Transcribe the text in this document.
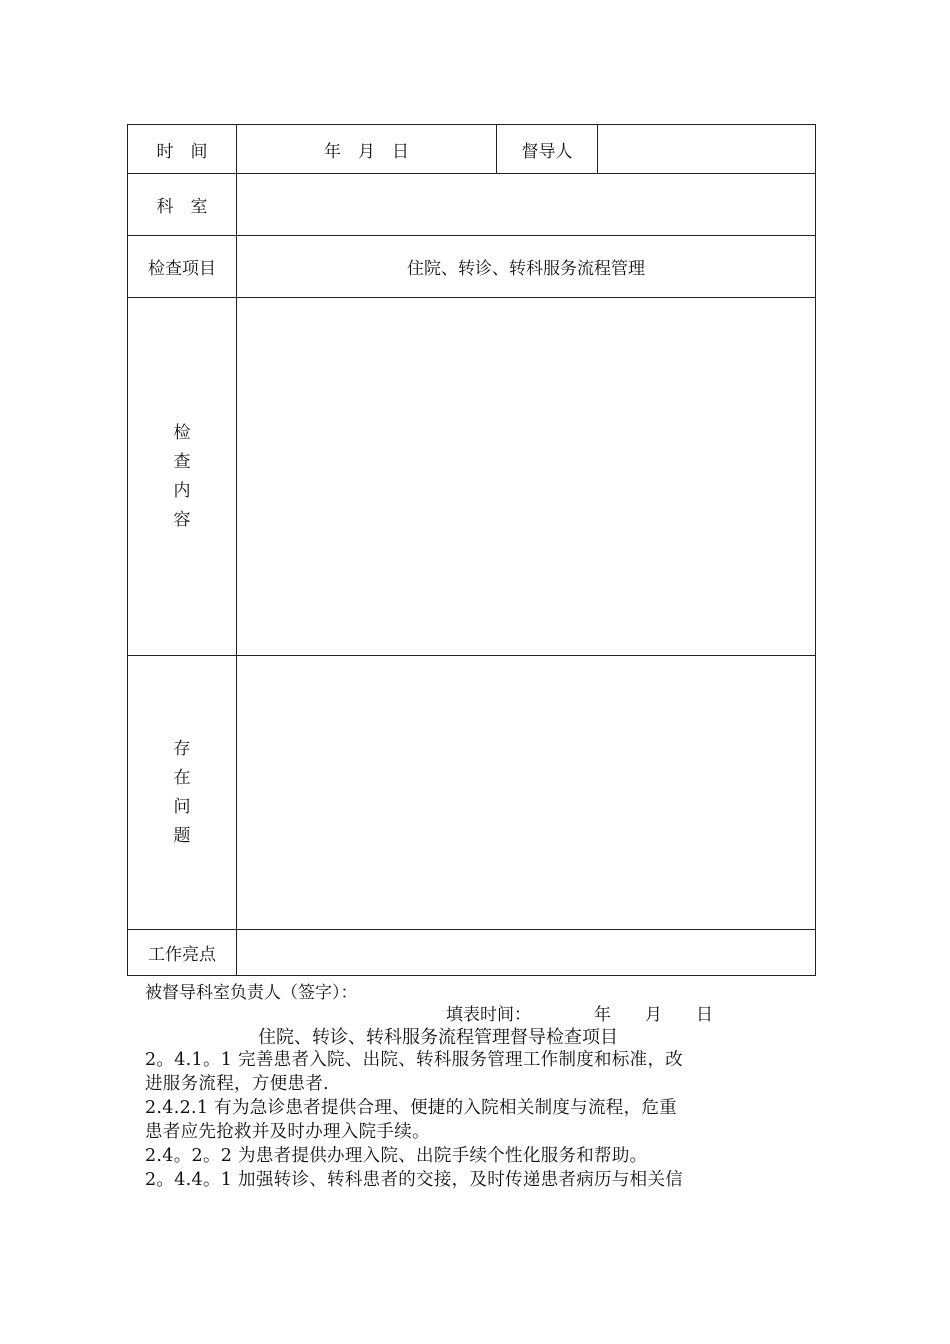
时　间	年　月　日	督导人
科　室
检查项目	住院、转诊、转科服务流程管理
检
查
内
容
存
在
问
题
工作亮点
被督导科室负责人（签字）：
填表时间：	年　　月　　日
住院、转诊、转科服务流程管理督导检查项目

2。4.1。1 完善患者入院、出院、转科服务管理工作制度和标准，改

进服务流程，方便患者.

2.4.2.1 有为急诊患者提供合理、便捷的入院相关制度与流程，危重

患者应先抢救并及时办理入院手续。

2.4。2。2 为患者提供办理入院、出院手续个性化服务和帮助。

2。4.4。1 加强转诊、转科患者的交接，及时传递患者病历与相关信
